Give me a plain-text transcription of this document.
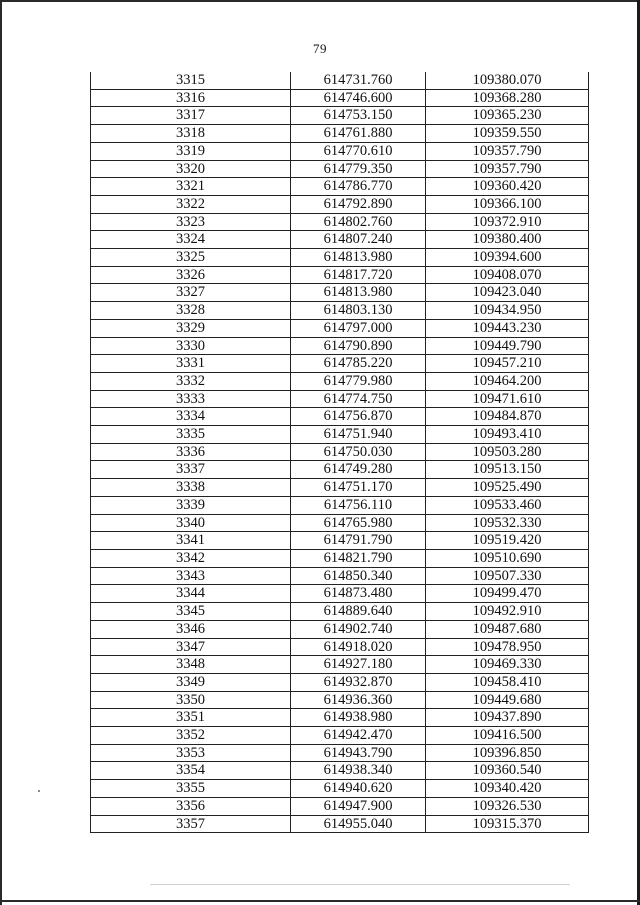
79
3315	614731.760	109380.070
3316	614746.600	109368.280
3317	614753.150	109365.230
3318	614761.880	109359.550
3319	614770.610	109357.790
3320	614779.350	109357.790
3321	614786.770	109360.420
3322	614792.890	109366.100
3323	614802.760	109372.910
3324	614807.240	109380.400
3325	614813.980	109394.600
3326	614817.720	109408.070
3327	614813.980	109423.040
3328	614803.130	109434.950
3329	614797.000	109443.230
3330	614790.890	109449.790
3331	614785.220	109457.210
3332	614779.980	109464.200
3333	614774.750	109471.610
3334	614756.870	109484.870
3335	614751.940	109493.410
3336	614750.030	109503.280
3337	614749.280	109513.150
3338	614751.170	109525.490
3339	614756.110	109533.460
3340	614765.980	109532.330
3341	614791.790	109519.420
3342	614821.790	109510.690
3343	614850.340	109507.330
3344	614873.480	109499.470
3345	614889.640	109492.910
3346	614902.740	109487.680
3347	614918.020	109478.950
3348	614927.180	109469.330
3349	614932.870	109458.410
3350	614936.360	109449.680
3351	614938.980	109437.890
3352	614942.470	109416.500
3353	614943.790	109396.850
3354	614938.340	109360.540
3355	614940.620	109340.420
3356	614947.900	109326.530
3357	614955.040	109315.370
